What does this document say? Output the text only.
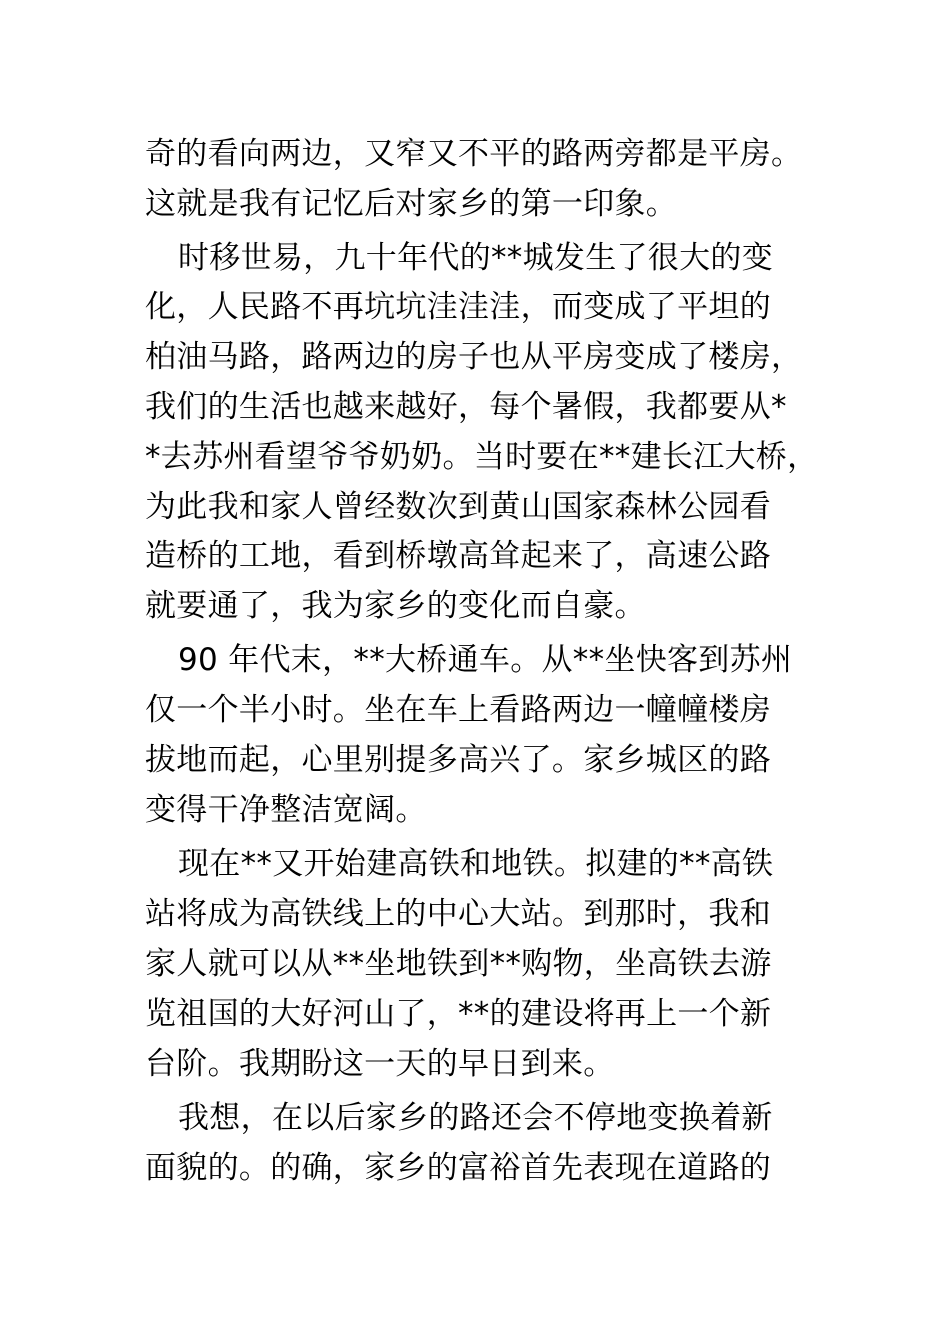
奇的看向两边，又窄又不平的路两旁都是平房。
这就是我有记忆后对家乡的第一印象。
时移世易，九十年代的**城发生了很大的变
化，人民路不再坑坑洼洼洼，而变成了平坦的
柏油马路，路两边的房子也从平房变成了楼房，
我们的生活也越来越好，每个暑假，我都要从*
*去苏州看望爷爷奶奶。当时要在**建长江大桥，
为此我和家人曾经数次到黄山国家森林公园看
造桥的工地，看到桥墩高耸起来了，高速公路
就要通了，我为家乡的变化而自豪。
90 年代末，**大桥通车。从**坐快客到苏州
仅一个半小时。坐在车上看路两边一幢幢楼房
拔地而起，心里别提多高兴了。家乡城区的路
变得干净整洁宽阔。
现在**又开始建高铁和地铁。拟建的**高铁
站将成为高铁线上的中心大站。到那时，我和
家人就可以从**坐地铁到**购物，坐高铁去游
览祖国的大好河山了，**的建设将再上一个新
台阶。我期盼这一天的早日到来。
我想，在以后家乡的路还会不停地变换着新
面貌的。的确，家乡的富裕首先表现在道路的
